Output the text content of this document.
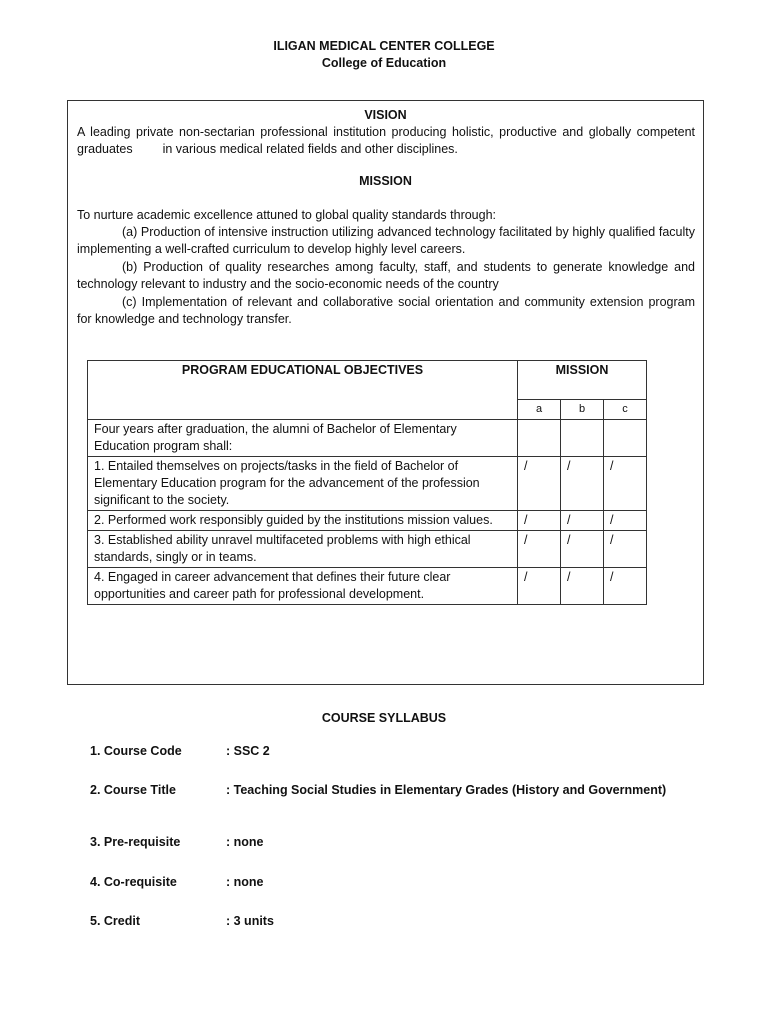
ILIGAN MEDICAL CENTER COLLEGE
College of Education
VISION
A leading private non-sectarian professional institution producing holistic, productive and globally competent graduates in various medical related fields and other disciplines.
MISSION
To nurture academic excellence attuned to global quality standards through:

(a) Production of intensive instruction utilizing advanced technology facilitated by highly qualified faculty implementing a well-crafted curriculum to develop highly level careers.

(b) Production of quality researches among faculty, staff, and students to generate knowledge and technology relevant to industry and the socio-economic needs of the country

(c) Implementation of relevant and collaborative social orientation and community extension program for knowledge and technology transfer.

PROGRAM EDUCATIONAL OBJECTIVES	MISSION		
	a	b	c
Four years after graduation, the alumni of Bachelor of Elementary Education program shall:			
1. Entailed themselves on projects/tasks in the field of Bachelor of Elementary Education program for the advancement of the profession significant to the society.	/	/	/
2. Performed work responsibly guided by the institutions mission values.	/	/	/
3. Established ability unravel multifaceted problems with high ethical standards, singly or in teams.	/	/	/
4. Engaged in career advancement that defines their future clear opportunities and career path for professional development.	/	/	/
COURSE SYLLABUS
1. Course Code	: SSC 2
2. Course Title	: Teaching Social Studies in Elementary Grades (History and Government)
3. Pre-requisite	: none
4. Co-requisite	: none
5. Credit	: 3 units
